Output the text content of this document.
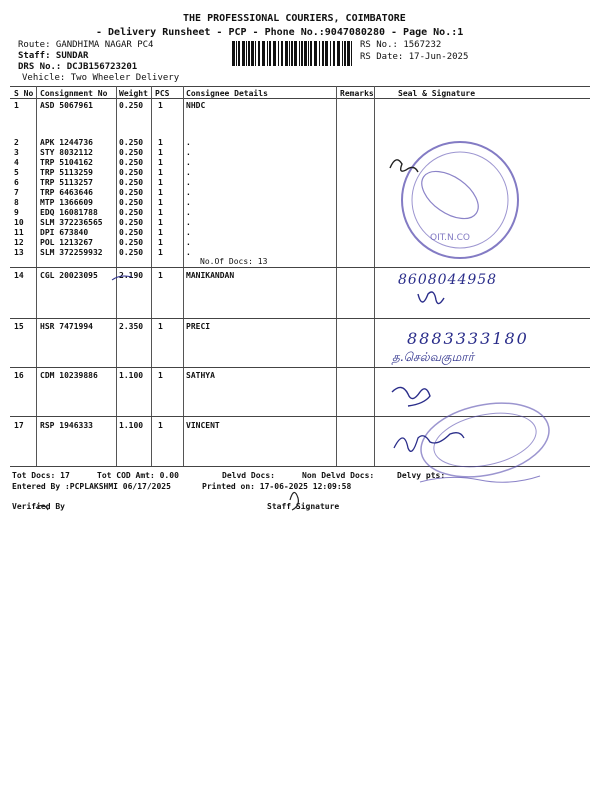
THE PROFESSIONAL COURIERS, COIMBATORE
- Delivery Runsheet - PCP - Phone No.:9047080280 - Page No.:1
Route: GANDHIMA NAGAR PC4
Staff: SUNDAR
DRS No.: DCJB156723201
Vehicle: Two Wheeler Delivery
RS No.: 1567232
RS Date: 17-Jun-2025
S No Consignment No Weight PCS Consignee Details	Remarks	Seal & Signature
1	ASD 5067961	0.250 1	NHDC
2	APK 1244736	0.250 1	.
3	STY 8032112	0.250 1	.
4	TRP 5104162	0.250 1	.
5	TRP 5113259	0.250 1	.
6	TRP 5113257	0.250 1	.
7	TRP 6463646	0.250 1	.
8	MTP 1366609	0.250 1	.
9	EDQ 16081788	0.250 1	.
10 SLM 372236565 0.250 1	.
11 DPI 673840	0.250 1	.
12 POL 1213267	0.250 1	.
13 SLM 372259932 0.250 1	.
No.Of Docs: 13
14 CGL 20023095	2.190 1	MANIKANDAN
15 HSR 7471994	2.350 1	PRECI
16 CDM 10239886	1.100 1	SATHYA
17 RSP 1946333	1.100 1	VINCENT
Tot Docs: 17	Tot COD Amt: 0.00	Delvd Docs:	Non Delvd Docs:	Delvy pts:
Entered By :PCPLAKSHMI 06/17/2025	Printed on: 17-06-2025 12:09:58
Verified By	Staff Signature
8608044958
8883333180
த.செல்வகுமார்
OIT.N.CO
